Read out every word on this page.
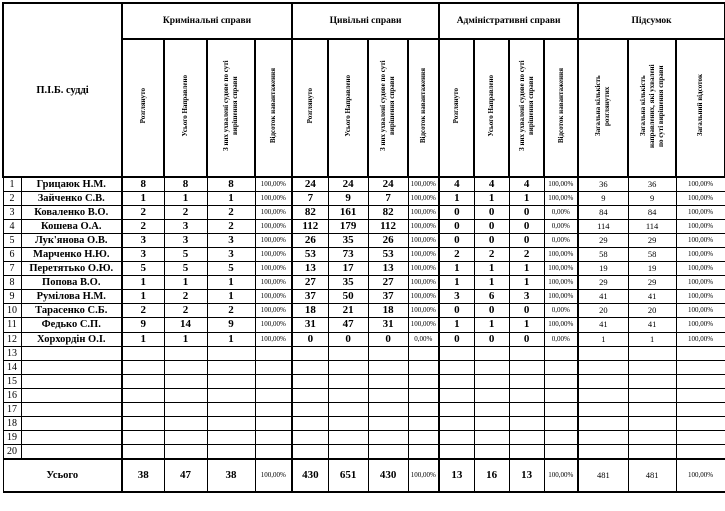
П.І.Б. судді		Кримінальні справи				Цивільні справи				Адміністративні справи				Підсумок		
		Розглянуто	Усього Направлено	З них ухвалені судове по суті вирішення справи	Відсоток навантаження	Розглянуто	Усього Направлено	З них ухвалені судове по суті вирішення справи	Відсоток навантаження	Розглянуто	Усього Направлено	З них ухвалені судове по суті вирішення справи	Відсоток навантаження	Загальна кількість розглянутих	Загальна кількість направлених, які ухвалені по суті вирішення справи	Загальний відсоток
1	Грицаюк Н.М.	8	8	8	100,00%	24	24	24	100,00%	4	4	4	100,00%	36	36	100,00%
2	Зайченко С.В.	1	1	1	100,00%	7	9	7	100,00%	1	1	1	100,00%	9	9	100,00%
3	Коваленко В.О.	2	2	2	100,00%	82	161	82	100,00%	0	0	0	0,00%	84	84	100,00%
4	Кошева О.А.	2	3	2	100,00%	112	179	112	100,00%	0	0	0	0,00%	114	114	100,00%
5	Лук'янова О.В.	3	3	3	100,00%	26	35	26	100,00%	0	0	0	0,00%	29	29	100,00%
6	Марченко Н.Ю.	3	5	3	100,00%	53	73	53	100,00%	2	2	2	100,00%	58	58	100,00%
7	Перетятько О.Ю.	5	5	5	100,00%	13	17	13	100,00%	1	1	1	100,00%	19	19	100,00%
8	Попова В.О.	1	1	1	100,00%	27	35	27	100,00%	1	1	1	100,00%	29	29	100,00%
9	Румілова Н.М.	1	2	1	100,00%	37	50	37	100,00%	3	6	3	100,00%	41	41	100,00%
10	Тарасенко С.Б.	2	2	2	100,00%	18	21	18	100,00%	0	0	0	0,00%	20	20	100,00%
11	Федько С.П.	9	14	9	100,00%	31	47	31	100,00%	1	1	1	100,00%	41	41	100,00%
12	Хорхордін О.І.	1	1	1	100,00%	0	0	0	0,00%	0	0	0	0,00%	1	1	100,00%
13																
14																
15																
16																
17																
18																
19																
20																
Усього		38	47	38	100,00%	430	651	430	100,00%	13	16	13	100,00%	481	481	100,00%
